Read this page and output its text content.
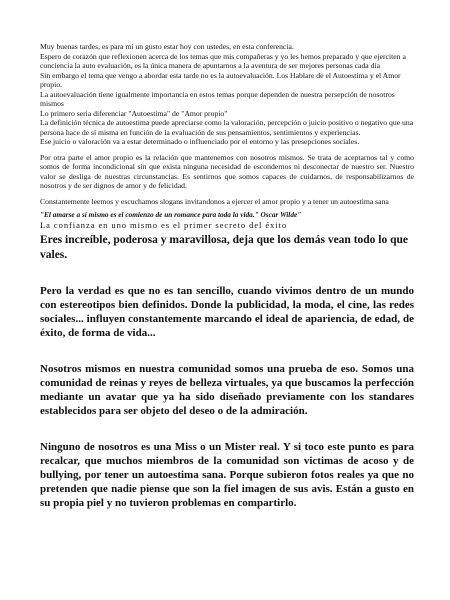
Muy buenas tardes, es para mi un gusto estar hoy con ustedes, en esta conferencia.

Espero de corazón que reflexionen acerca de los temas que mis compañeras y yo les hemos preparado y que ejerciten a conciencia la auto evaluación, es la única manera de apuntarnos a la aventura de ser mejores personas cada día

Sin embargo el tema que vengo a abordar esta tarde no es la autoevaluación. Los Hablare de el Autoestima y el Amor propio.

La autoevaluación tiene igualmente importancia en estos temas porque dependen de nuestra persepción de nosotros mismos

Lo primero seria diferenciar "Autoestima" de "Amor propio"

La definición técnica de autoestima puede apreciarse como la valoración, percepción o juicio positivo o negativo que una persona hace de sí misma en función de la evaluación de sus pensamientos, sentimientos y experiencias.

Ese juicio o valoración va a estar determinado o influenciado por el entorno y las presepciones sociales.

Por otra parte el amor propio es la relación que mantenemos con nosotros mismos. Se trata de aceptarnos tal y como somos de forma incondicional sin que exista ninguna necesidad de escondernos ni desconectar de nuestro ser. Nuestro valor se desliga de nuestras circunstancias. Es sentirnos que somos capaces de cuidarnos, de responsabilizarnos de nosotros y de ser dignos de amor y de felicidad.

Constantemente leemos y escuchamos slogans invitandonos a ejercer el amor propio y a tener un autoestima sana

"El amarse a sí mismo es el comienzo de un romance para toda la vida." Oscar Wilde"

La confianza en uno mismo es el primer secreto del éxito

Eres increíble, poderosa y maravillosa, deja que los demás vean todo lo que vales.

Pero la verdad es que no es tan sencillo, cuando vivimos dentro de un mundo con estereotipos bien definidos. Donde la publicidad, la moda, el cine, las redes sociales... influyen constantemente marcando el ideal de apariencia, de edad, de éxito, de forma de vida...

Nosotros mismos en nuestra comunidad somos una prueba de eso. Somos una comunidad de reinas y reyes de belleza virtuales, ya que buscamos la perfección mediante un avatar que ya ha sido diseñado previamente con los standares establecidos para ser objeto del deseo o de la admiración.

Ninguno de nosotros es una Miss o un Mister real. Y si toco este punto es para recalcar, que muchos miembros de la comunidad son victimas de acoso y de bullying, por tener un autoestima sana. Porque subieron fotos reales ya que no pretenden que nadie piense que son la fiel imagen de sus avis. Están a gusto en su propia piel y no tuvieron problemas en compartirlo.
